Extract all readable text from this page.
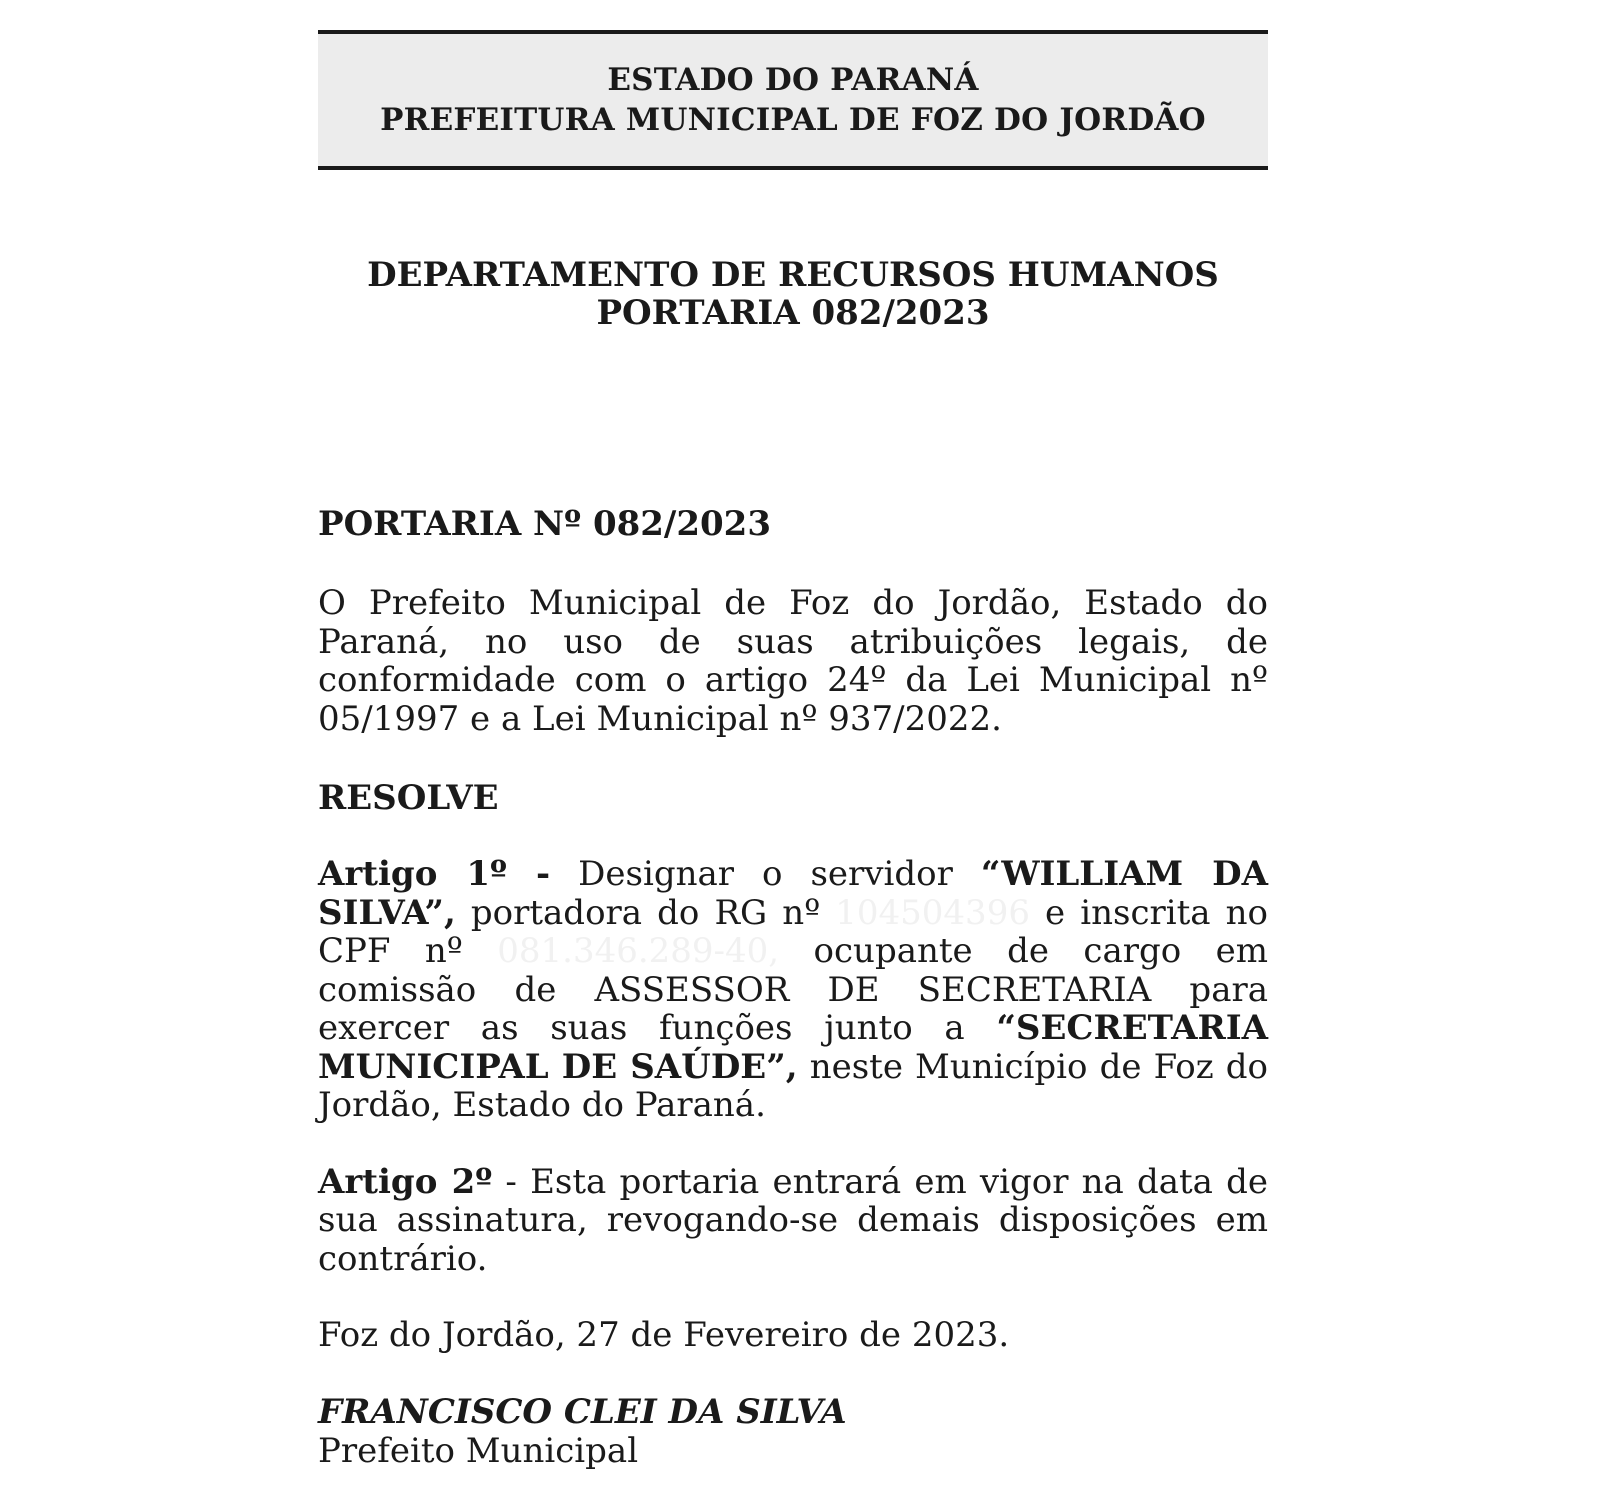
ESTADO DO PARANÁ
PREFEITURA MUNICIPAL DE FOZ DO JORDÃO
DEPARTAMENTO DE RECURSOS HUMANOS
PORTARIA 082/2023
PORTARIA Nº 082/2023

O Prefeito Municipal de Foz do Jordão, Estado do Paraná, no uso de suas atribuições legais, de conformidade com o artigo 24º da Lei Municipal nº 05/1997 e a Lei Municipal nº 937/2022.

RESOLVE

Artigo 1º - Designar o servidor “WILLIAM DA SILVA”, portadora do RG nº 104504396 e inscrita no CPF nº 081.346.289-40, ocupante de cargo em comissão de ASSESSOR DE SECRETARIA para exercer as suas funções junto a “SECRETARIA MUNICIPAL DE SAÚDE”, neste Município de Foz do Jordão, Estado do Paraná.

Artigo 2º - Esta portaria entrará em vigor na data de sua assinatura, revogando-se demais disposições em contrário.

Foz do Jordão, 27 de Fevereiro de 2023.

FRANCISCO CLEI DA SILVA
Prefeito Municipal
